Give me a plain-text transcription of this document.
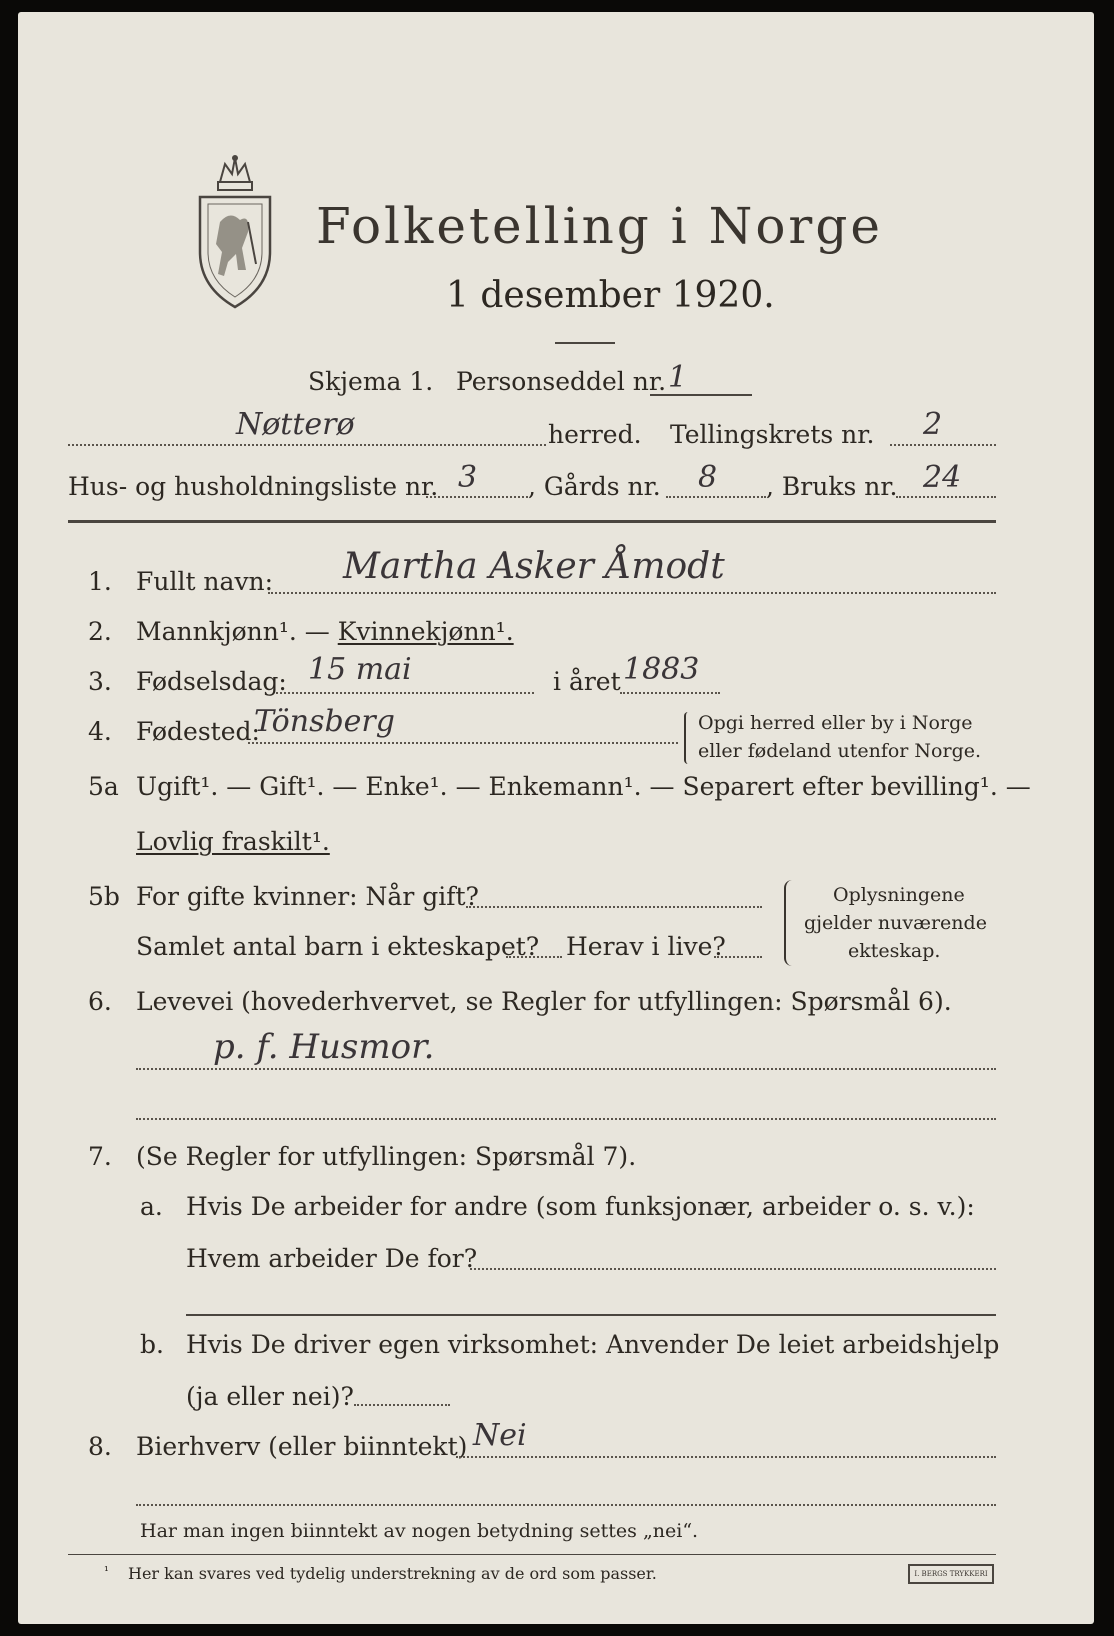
Folketelling i Norge
1 desember 1920.
Skjema 1. Personseddel nr. 1
Nøtterø	herred. Tellingskrets nr. 2
Hus- og husholdningsliste nr. 3 , Gårds nr. 8 , Bruks nr. 24
1. Fullt navn: Martha Asker Åmodt
2. Mannkjønn¹. — Kvinnekjønn¹.
3. Fødselsdag: 15 mai	i året 1883
4. Fødested:
Tönsberg	Opgi herred eller by i Norge
eller fødeland utenfor Norge.
5a Ugift¹. — Gift¹. — Enke¹. — Enkemann¹. — Separert efter bevilling¹. —
Lovlig fraskilt¹.
5b For gifte kvinner: Når gift?
Samlet antal barn i ekteskapet? Herav i live?
Oplysningene
gjelder nuværende
ekteskap.
6. Levevei (hovederhvervet, se Regler for utfyllingen: Spørsmål 6).
p. f. Husmor.
7. (Se Regler for utfyllingen: Spørsmål 7).
a. Hvis De arbeider for andre (som funksjonær, arbeider o. s. v.):
Hvem arbeider De for?
b. Hvis De driver egen virksomhet: Anvender De leiet arbeidshjelp
(ja eller nei)?
8. Bierhverv (eller biinntekt) Nei
Har man ingen biinntekt av nogen betydning settes „nei“.
¹ Her kan svares ved tydelig understrekning av de ord som passer.	I. BERGS TRYKKERI
